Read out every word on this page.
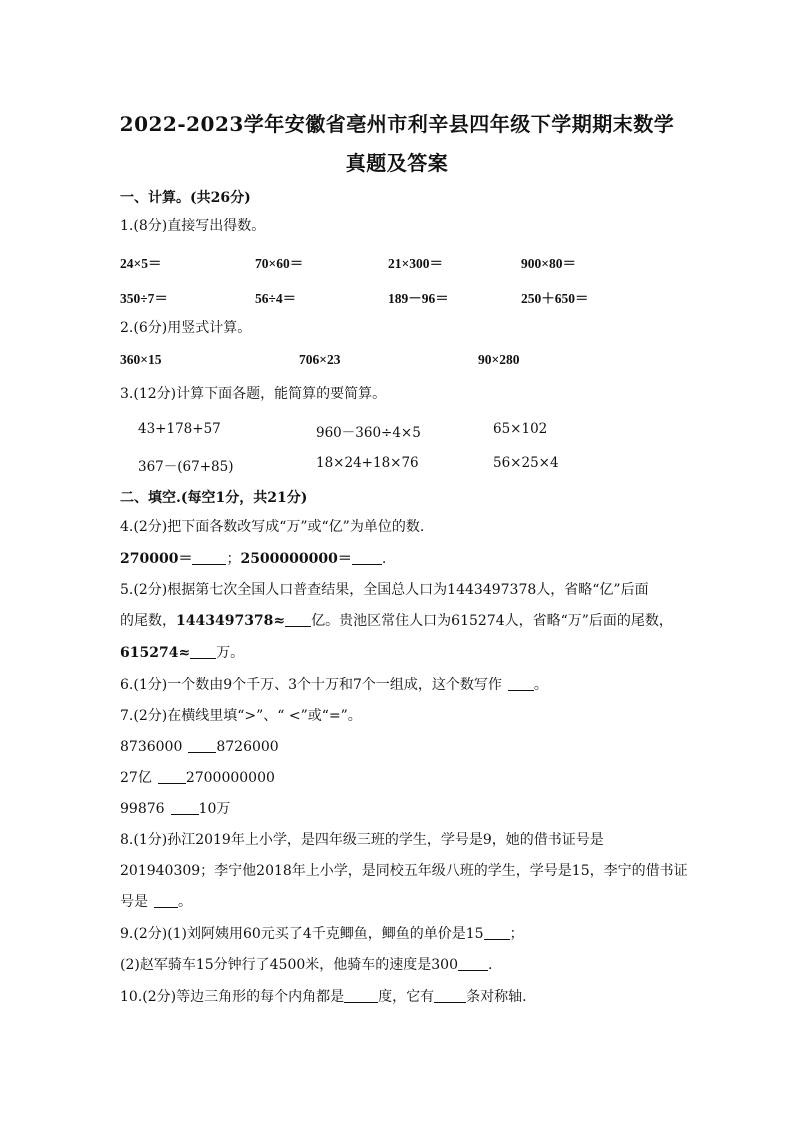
2022-2023学年安徽省亳州市利辛县四年级下学期期末数学
真题及答案
一、计算。(共26分)
1.(8分)直接写出得数。
24×5＝	70×60＝	21×300＝	900×80＝
350÷7＝	56÷4＝	189－96＝	250＋650＝
2.(6分)用竖式计算。
360×15	706×23	90×280
3.(12分)计算下面各题，能简算的要简算。
43+178+57	960－360÷4×5	65×102
367－(67+85)	18×24+18×76	56×25×4
二、填空.(每空1分，共21分)
4.(2分)把下面各数改写成“万”或“亿”为单位的数.
270000＝ ；2500000000＝ .
5.(2分)根据第七次全国人口普查结果，全国总人口为1443497378人，省略“亿”后面
的尾数，1443497378≈ 亿。贵池区常住人口为615274人，省略“万”后面的尾数，
615274≈ 万。
6.(1分)一个数由9个千万、3个十万和7个一组成，这个数写作 。
7.(2分)在横线里填“>”、“ <”或“=”。
8736000 8726000
27亿 2700000000
99876 10万
8.(1分)孙江2019年上小学，是四年级三班的学生，学号是9，她的借书证号是
201940309；李宁他2018年上小学，是同校五年级八班的学生，学号是15，李宁的借书证
号是 。
9.(2分)(1)刘阿姨用60元买了4千克鲫鱼，鲫鱼的单价是15 ；
(2)赵军骑车15分钟行了4500米，他骑车的速度是300 .
10.(2分)等边三角形的每个内角都是 度，它有 条对称轴.
